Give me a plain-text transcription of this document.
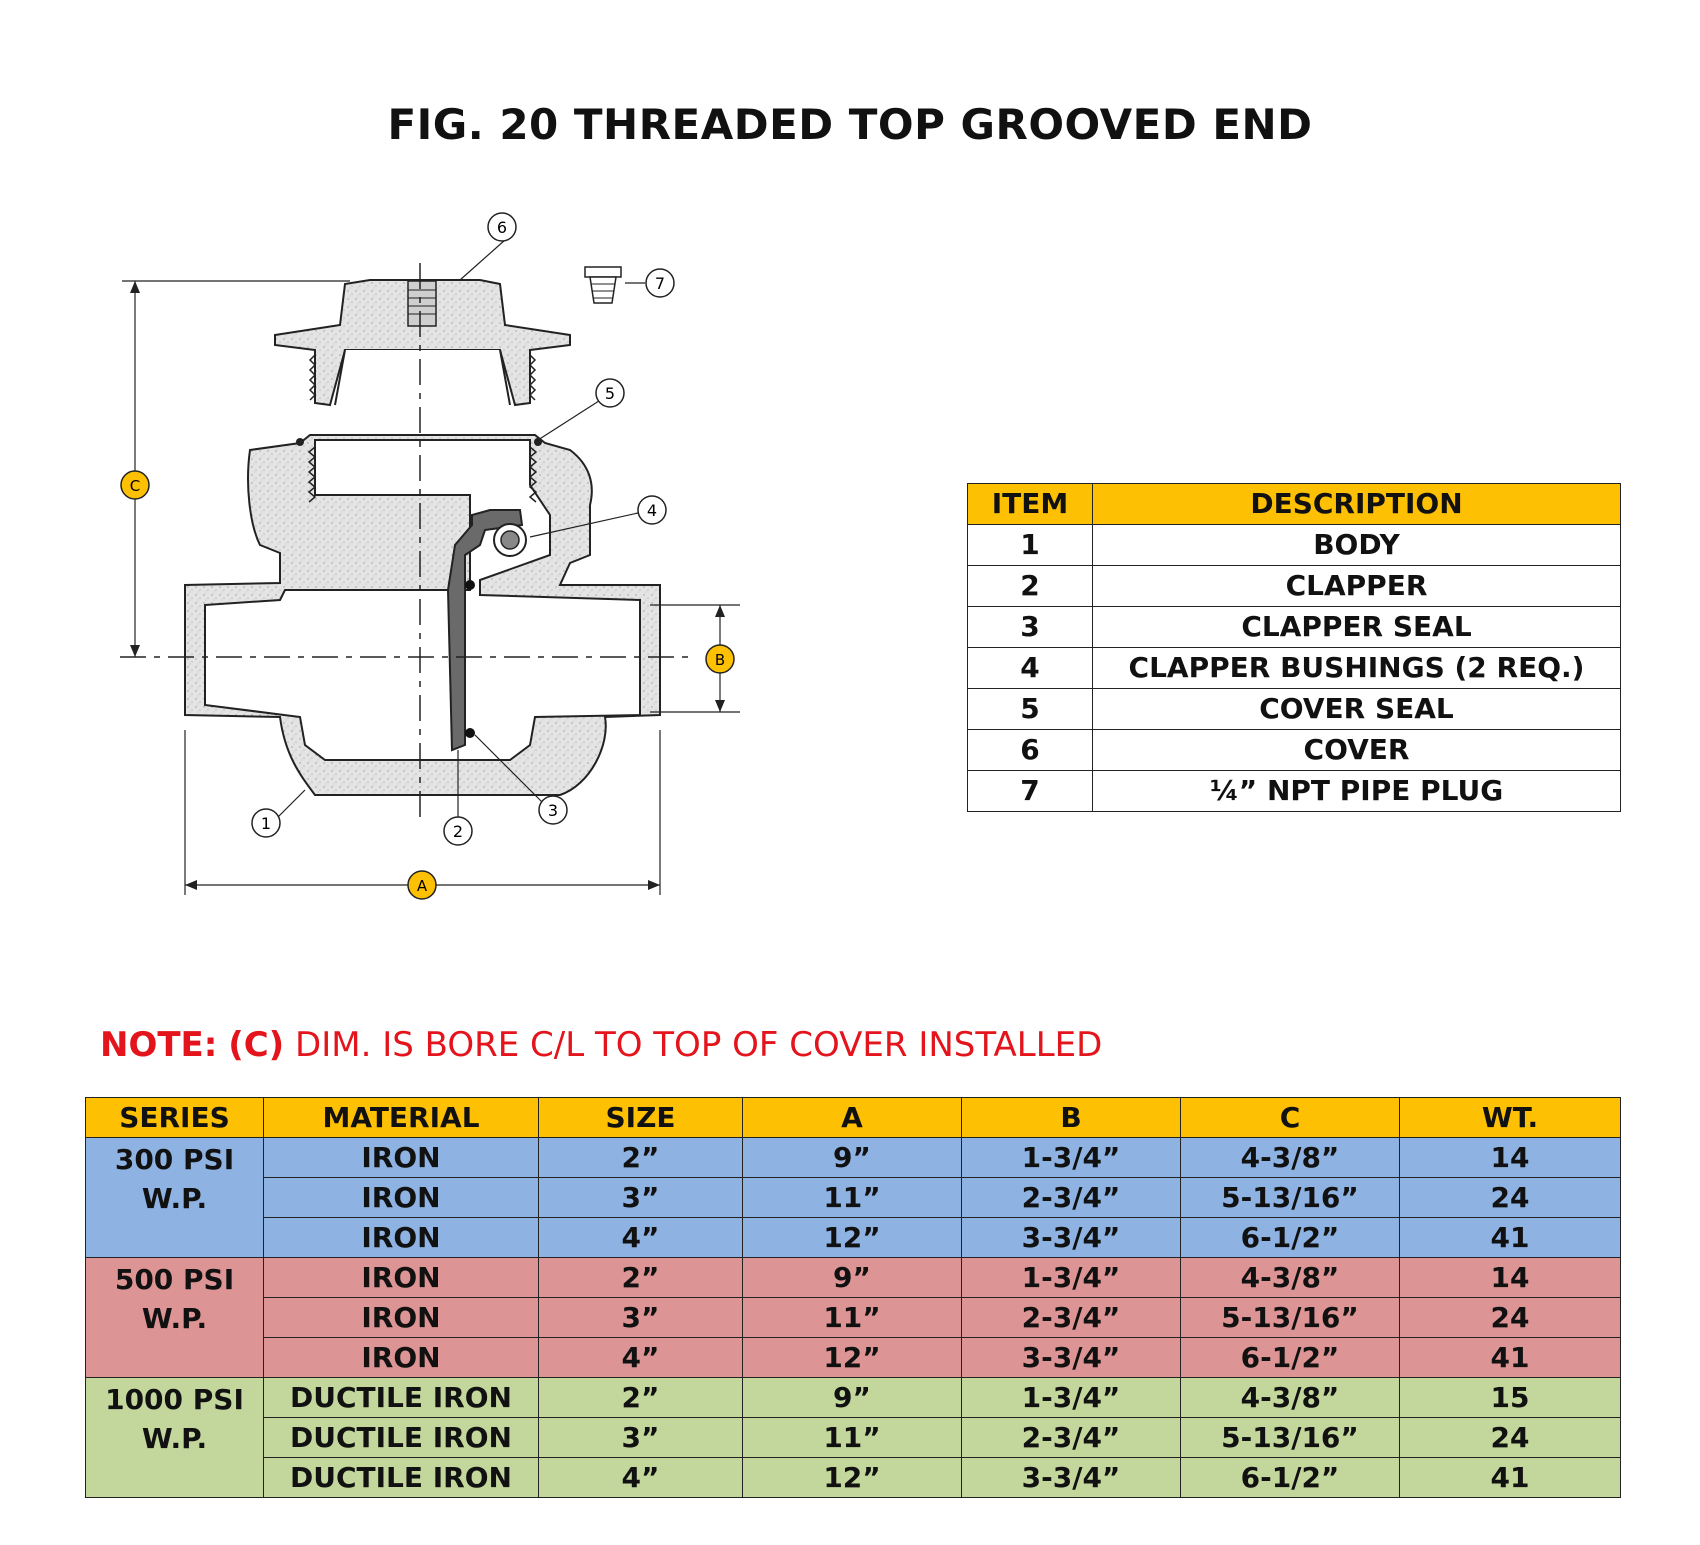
FIG. 20 THREADED TOP GROOVED END
6
7
5
4
1	2
3
C
B
A
ITEM	DESCRIPTION
1	BODY
2	CLAPPER
3	CLAPPER SEAL
4	CLAPPER BUSHINGS (2 REQ.)
5	COVER SEAL
6	COVER
7	¼” NPT PIPE PLUG
NOTE: (C) DIM. IS BORE C/L TO TOP OF COVER INSTALLED
SERIES	MATERIAL	SIZE	A	B	C	WT.

300 PSI
W.P.	IRON	2”	9”	1-3/4”	4-3/8”	14
	IRON	3”	11”	2-3/4”	5-13/16”	24
	IRON	4”	12”	3-3/4”	6-1/2”	41

500 PSI
W.P.	IRON	2”	9”	1-3/4”	4-3/8”	14
	IRON	3”	11”	2-3/4”	5-13/16”	24
	IRON	4”	12”	3-3/4”	6-1/2”	41

1000 PSI
W.P.	DUCTILE IRON	2”	9”	1-3/4”	4-3/8”	15
	DUCTILE IRON	3”	11”	2-3/4”	5-13/16”	24
	DUCTILE IRON	4”	12”	3-3/4”	6-1/2”	41
